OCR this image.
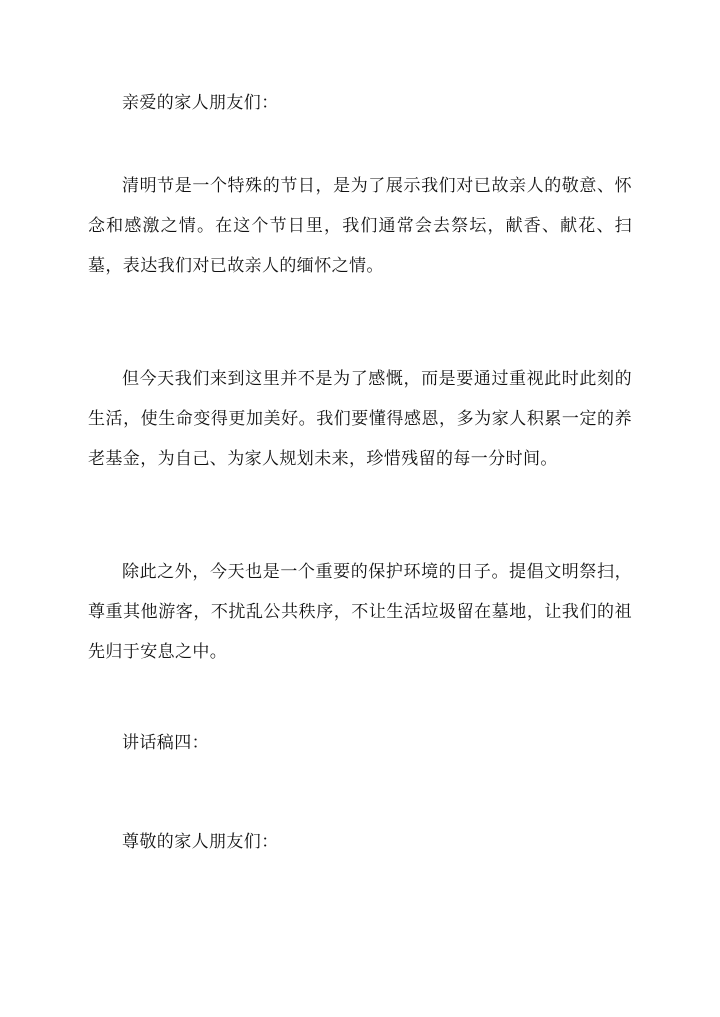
亲爱的家人朋友们：

清明节是一个特殊的节日，是为了展示我们对已故亲人的敬意、怀念和感激之情。在这个节日里，我们通常会去祭坛，献香、献花、扫墓，表达我们对已故亲人的缅怀之情。

但今天我们来到这里并不是为了感慨，而是要通过重视此时此刻的生活，使生命变得更加美好。我们要懂得感恩，多为家人积累一定的养老基金，为自己、为家人规划未来，珍惜残留的每一分时间。

除此之外，今天也是一个重要的保护环境的日子。提倡文明祭扫，尊重其他游客，不扰乱公共秩序，不让生活垃圾留在墓地，让我们的祖先归于安息之中。

讲话稿四：

尊敬的家人朋友们：
